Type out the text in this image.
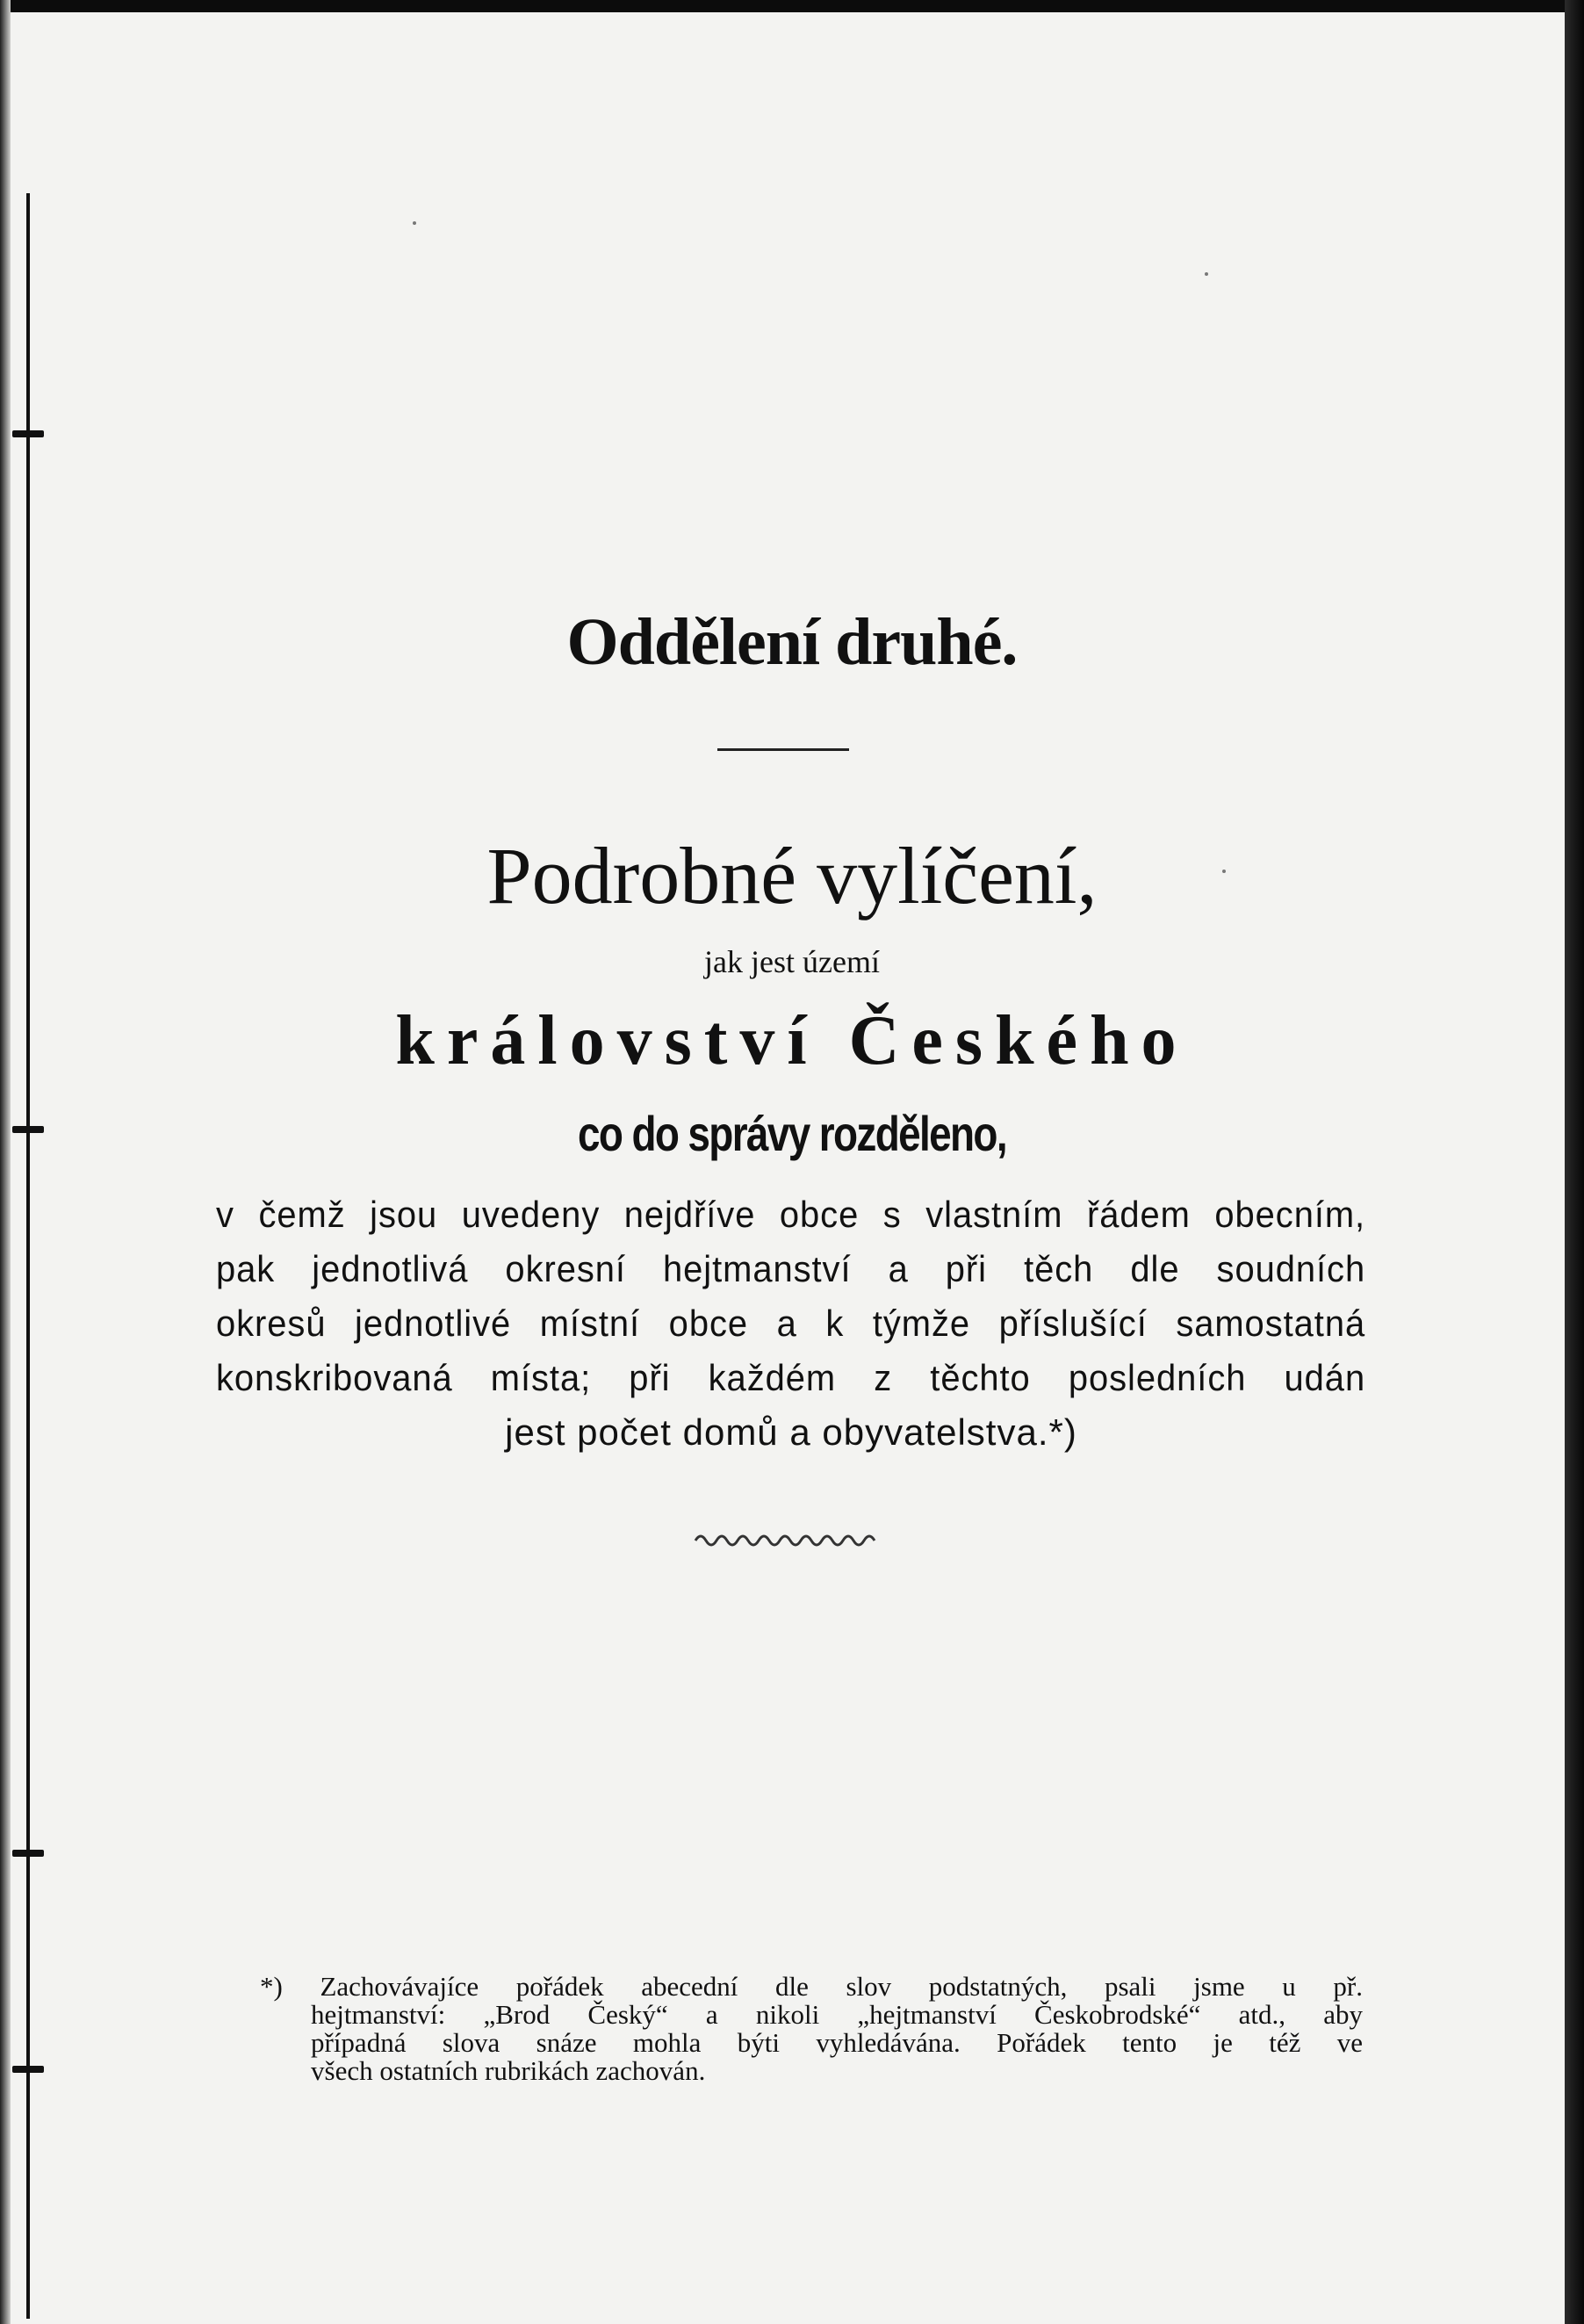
Oddělení druhé.
Podrobné vylíčení,
jak jest území
království Českého
co do správy rozděleno,
v čemž jsou uvedeny nejdříve obce s vlastním řádem obecním,
pak jednotlivá okresní hejtmanství a při těch dle soudních
okresů jednotlivé místní obce a k týmže příslušící samostatná
konskribovaná místa; při každém z těchto posledních udán
jest počet domů a obyvatelstva.*)
*) Zachovávajíce pořádek abecední dle slov podstatných, psali jsme u př.
hejtmanství: „Brod Český“ a nikoli „hejtmanství Českobrodské“ atd., aby
případná slova snáze mohla býti vyhledávána. Pořádek tento je též ve
všech ostatních rubrikách zachován.
